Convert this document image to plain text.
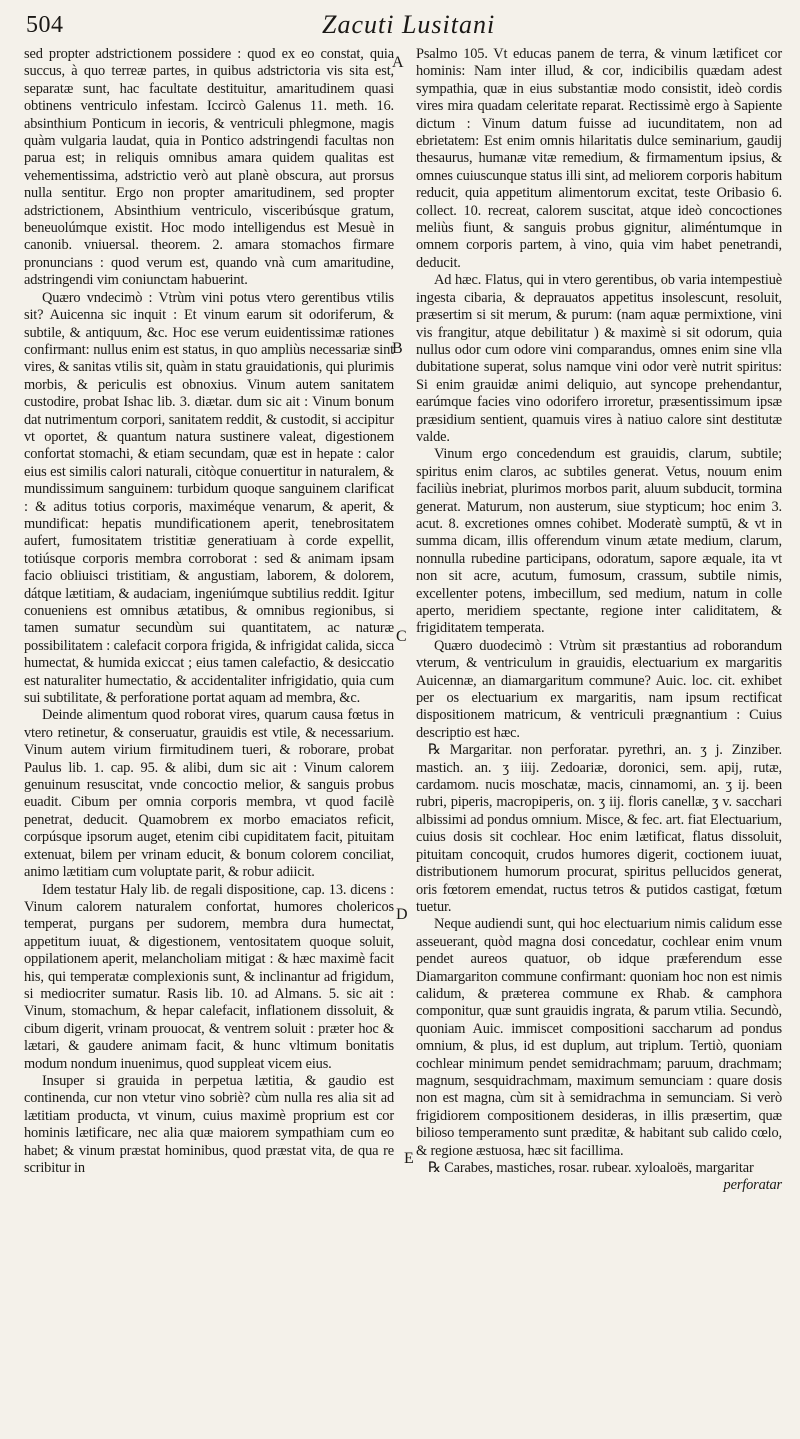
504	Zacuti Lusitani

sed propter adstrictionem possidere : quod ex eo constat, quia succus, à quo terreæ partes, in quibus adstrictoria vis sita est, separatæ sunt, hac facultate destituitur, amaritudinem quasi obtinens ventriculo infestam. Iccircò Galenus 11. meth. 16. absinthium Ponticum in iecoris, & ventriculi phlegmone, magis quàm vulgaria laudat, quia in Pontico adstringendi facultas non parua est; in reliquis omnibus amara quidem qualitas est vehementissima, adstrictio verò aut planè obscura, aut prorsus nulla sentitur. Ergo non propter amaritudinem, sed propter adstrictionem, Absinthium ventriculo, visceribúsque gratum, beneuolúmque existit. Hoc modo intelligendus est Mesuè in canonib. vniuersal. theorem. 2. amara stomachos firmare pronuncians : quod verum est, quando vnà cum amaritudine, adstringendi vim coniunctam habuerint.

Quæro vndecimò : Vtrùm vini potus vtero gerentibus vtilis sit? Auicenna sic inquit : Et vinum earum sit odoriferum, & subtile, & antiquum, &c. Hoc ese verum euidentissimæ rationes confirmant: nullus enim est status, in quo ampliùs necessariæ sint vires, & sanitas vtilis sit, quàm in statu grauidationis, qui plurimis morbis, & periculis est obnoxius. Vinum autem sanitatem custodire, probat Ishac lib. 3. diætar. dum sic ait : Vinum bonum dat nutrimentum corpori, sanitatem reddit, & custodit, si accipitur vt oportet, & quantum natura sustinere valeat, digestionem confortat stomachi, & etiam secundam, quæ est in hepate : calor eius est similis calori naturali, citòque conuertitur in naturalem, & mundissimum sanguinem: turbidum quoque sanguinem clarificat : & aditus totius corporis, maximéque venarum, & aperit, & mundificat: hepatis mundificationem aperit, tenebrositatem aufert, fumositatem tristitiæ generatiuam à corde expellit, totiúsque corporis membra corroborat : sed & animam ipsam facio obliuisci tristitiam, & angustiam, laborem, & dolorem, dátque lætitiam, & audaciam, ingeniúmque subtilius reddit. Igitur conueniens est omnibus ætatibus, & omnibus regionibus, si tamen sumatur secundùm sui quantitatem, ac naturæ possibilitatem : calefacit corpora frigida, & infrigidat calida, sicca humectat, & humida exiccat ; eius tamen calefactio, & desiccatio est naturaliter humectatio, & accidentaliter infrigidatio, quia cum sui subtilitate, & perforatione portat aquam ad membra, &c.

Deinde alimentum quod roborat vires, quarum causa fœtus in vtero retinetur, & conseruatur, grauidis est vtile, & necessarium. Vinum autem virium firmitudinem tueri, & roborare, probat Paulus lib. 1. cap. 95. & alibi, dum sic ait : Vinum calorem genuinum resuscitat, vnde concoctio melior, & sanguis probus euadit. Cibum per omnia corporis membra, vt quod facilè penetrat, deducit. Quamobrem ex morbo emaciatos reficit, corpúsque ipsorum auget, etenim cibi cupiditatem facit, pituitam extenuat, bilem per vrinam educit, & bonum colorem conciliat, animo lætitiam cum voluptate parit, & robur adiicit.

Idem testatur Haly lib. de regali dispositione, cap. 13. dicens : Vinum calorem naturalem confortat, humores cholericos temperat, purgans per sudorem, membra dura humectat, appetitum iuuat, & digestionem, ventositatem quoque soluit, oppilationem aperit, melancholiam mitigat : & hæc maximè facit his, qui temperatæ complexionis sunt, & inclinantur ad frigidum, si mediocriter sumatur. Rasis lib. 10. ad Almans. 5. sic ait : Vinum, stomachum, & hepar calefacit, inflationem dissoluit, & cibum digerit, vrinam prouocat, & ventrem soluit : præter hoc & lætari, & gaudere animam facit, & hunc vltimum bonitatis modum nondum inuenimus, quod suppleat vicem eius.

Insuper si grauida in perpetua lætitia, & gaudio est continenda, cur non vtetur vino sobriè? cùm nulla res alia sit ad lætitiam producta, vt vinum, cuius maximè proprium est cor hominis lætificare, nec alia quæ maiorem sympathiam cum eo habet; & vinum præstat hominibus, quod præstat vita, de qua re scribitur in

A
B
C
D
E

Psalmo 105. Vt educas panem de terra, & vinum lætificet cor hominis: Nam inter illud, & cor, indicibilis quædam adest sympathia, quæ in eius substantiæ modo consistit, ideò cordis vires mira quadam celeritate reparat. Rectissimè ergo à Sapiente dictum : Vinum datum fuisse ad iucunditatem, non ad ebrietatem: Est enim omnis hilaritatis dulce seminarium, gaudij thesaurus, humanæ vitæ remedium, & firmamentum ipsius, & omnes cuiuscunque status illi sint, ad meliorem corporis habitum reducit, quia appetitum alimentorum excitat, teste Oribasio 6. collect. 10. recreat, calorem suscitat, atque ideò concoctiones meliùs fiunt, & sanguis probus gignitur, aliméntumque in omnem corporis partem, à vino, quia vim habet penetrandi, deducit.

Ad hæc. Flatus, qui in vtero gerentibus, ob varia intempestiuè ingesta cibaria, & deprauatos appetitus insolescunt, resoluit, præsertim si sit merum, & purum: (nam aquæ permixtione, vini vis frangitur, atque debilitatur ) & maximè si sit odorum, quia nullus odor cum odore vini comparandus, omnes enim sine vlla dubitatione superat, solus namque vini odor verè nutrit spiritus: Si enim grauidæ animi deliquio, aut syncope prehendantur, earúmque facies vino odorifero irroretur, præsentissimum ipsæ præsidium sentient, quamuis vires à natiuo calore sint destitutæ valde.

Vinum ergo concedendum est grauidis, clarum, subtile; spiritus enim claros, ac subtiles generat. Vetus, nouum enim faciliùs inebriat, plurimos morbos parit, aluum subducit, tormina generat. Maturum, non austerum, siue stypticum; hoc enim 3. acut. 8. excretiones omnes cohibet. Moderatè sumptū, & vt in summa dicam, illis offerendum vinum ætate medium, clarum, nonnulla rubedine participans, odoratum, sapore æquale, ita vt non sit acre, acutum, fumosum, crassum, subtile nimis, excellenter potens, imbecillum, sed medium, natum in colle aperto, meridiem spectante, regione inter caliditatem, & frigiditatem temperata.

Quæro duodecimò : Vtrùm sit præstantius ad roborandum vterum, & ventriculum in grauidis, electuarium ex margaritis Auicennæ, an diamargaritum commune? Auic. loc. cit. exhibet per os electuarium ex margaritis, nam ipsum rectificat dispositionem matricum, & ventriculi prægnantium : Cuius descriptio est hæc.

℞ Margaritar. non perforatar. pyrethri, an. ʒ j. Zinziber. mastich. an. ʒ iiij. Zedoariæ, doronici, sem. apij, rutæ, cardamom. nucis moschatæ, macis, cinnamomi, an. ʒ ij. been rubri, piperis, macropiperis, on. ʒ iij. floris canellæ, ʒ v. sacchari albissimi ad pondus omnium. Misce, & fec. art. fiat Electuarium, cuius dosis sit cochlear. Hoc enim lætificat, flatus dissoluit, pituitam concoquit, crudos humores digerit, coctionem iuuat, distributionem humorum procurat, spiritus pellucidos generat, oris fœtorem emendat, ructus tetros & putidos castigat, fœtum tuetur.

Neque audiendi sunt, qui hoc electuarium nimis calidum esse asseuerant, quòd magna dosi concedatur, cochlear enim vnum pendet aureos quatuor, ob idque præferendum esse Diamargariton commune confirmant: quoniam hoc non est nimis calidum, & præterea commune ex Rhab. & camphora componitur, quæ sunt grauidis ingrata, & parum vtilia. Secundò, quoniam Auic. immiscet compositioni saccharum ad pondus omnium, & plus, id est duplum, aut triplum. Tertiò, quoniam cochlear minimum pendet semidrachmam; paruum, drachmam; magnum, sesquidrachmam, maximum semunciam : quare dosis non est magna, cùm sit à semidrachma in semunciam. Si verò frigidiorem compositionem desideras, in illis præsertim, quæ bilioso temperamento sunt præditæ, & habitant sub calido cœlo, & regione æstuosa, hæc sit facillima.

℞ Carabes, mastiches, rosar. rubear. xyloaloës, margaritar

perforatar
